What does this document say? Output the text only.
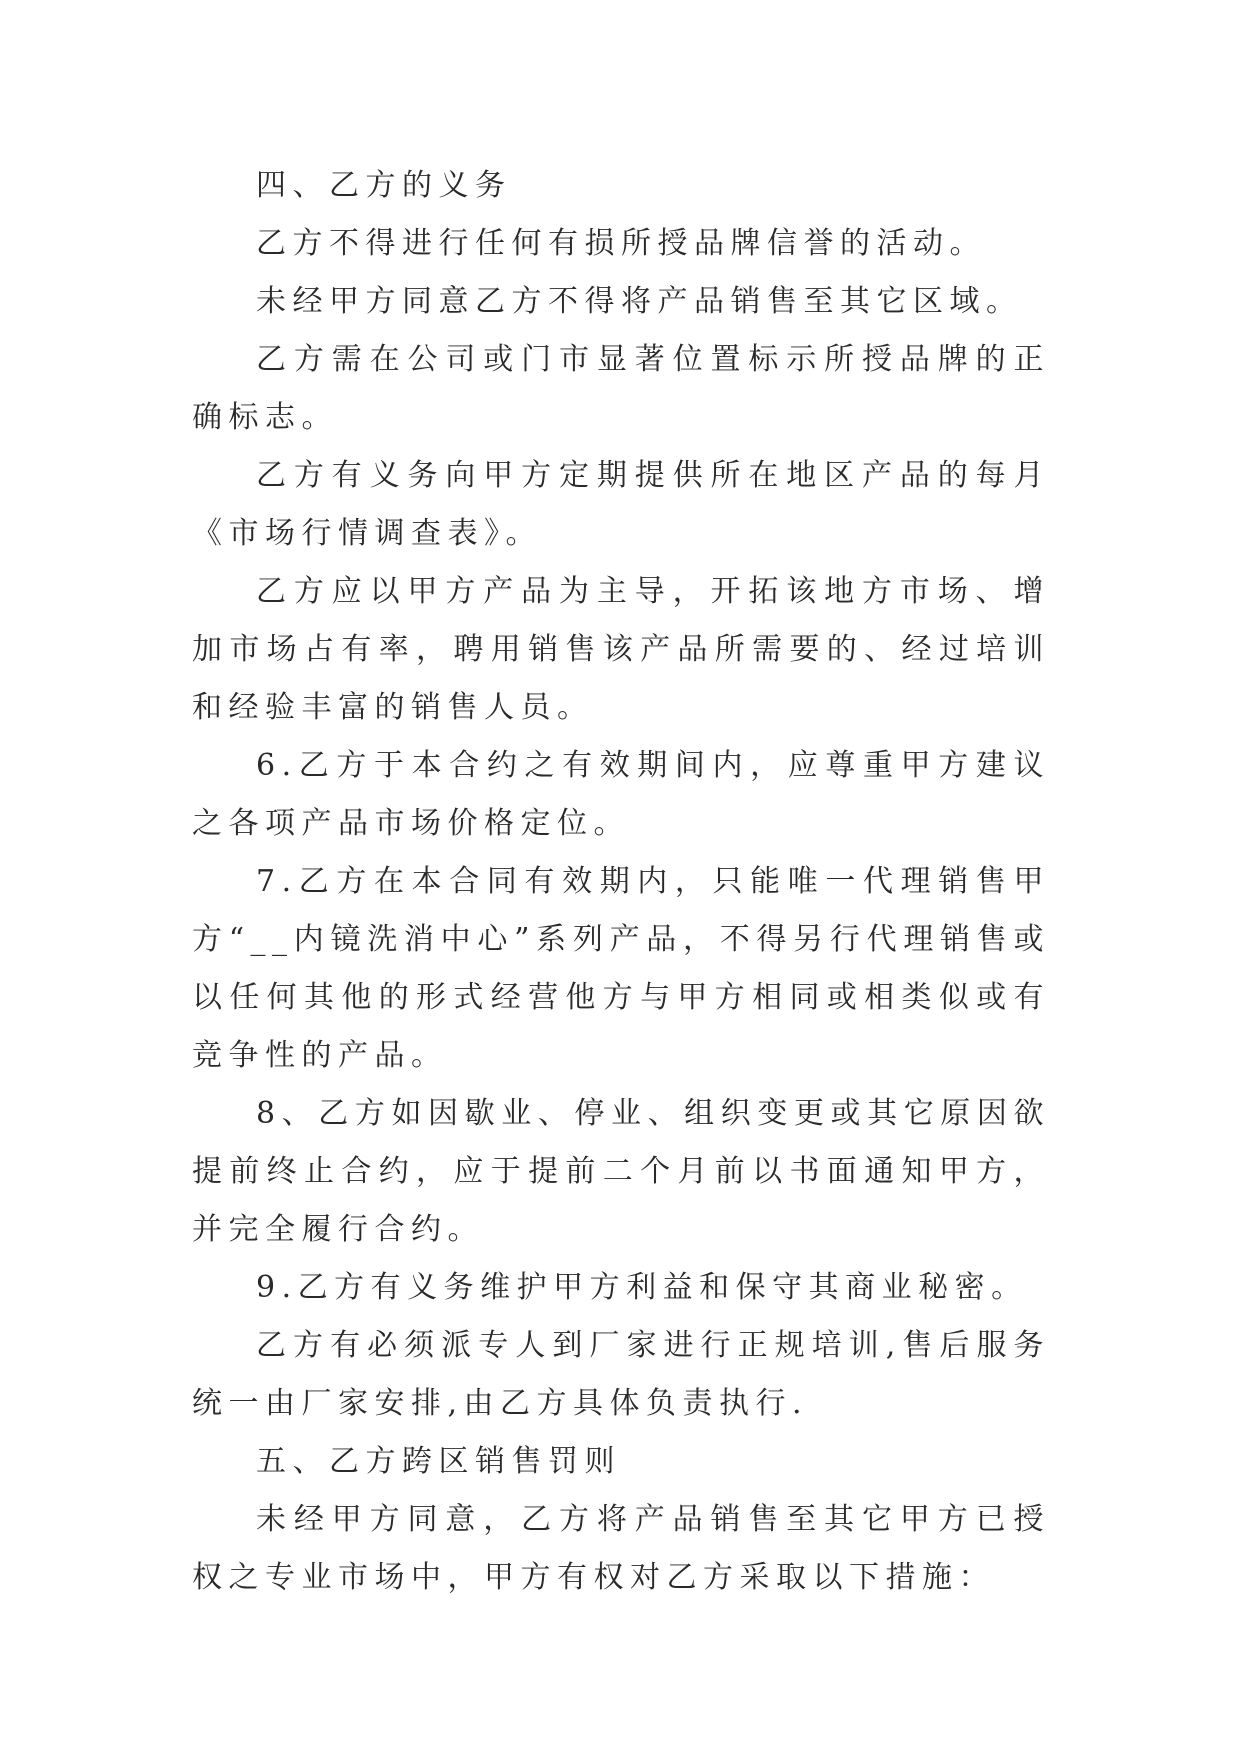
四、乙方的义务

乙方不得进行任何有损所授品牌信誉的活动。

未经甲方同意乙方不得将产品销售至其它区域。

乙方需在公司或门市显著位置标示所授品牌的正确标志。

乙方有义务向甲方定期提供所在地区产品的每月《市场行情调查表》。

乙方应以甲方产品为主导，开拓该地方市场、增加市场占有率，聘用销售该产品所需要的、经过培训和经验丰富的销售人员。

6.乙方于本合约之有效期间内，应尊重甲方建议之各项产品市场价格定位。

7.乙方在本合同有效期内，只能唯一代理销售甲方“__内镜洗消中心”系列产品，不得另行代理销售或以任何其他的形式经营他方与甲方相同或相类似或有竞争性的产品。

8、乙方如因歇业、停业、组织变更或其它原因欲提前终止合约，应于提前二个月前以书面通知甲方，并完全履行合约。

9.乙方有义务维护甲方利益和保守其商业秘密。

乙方有必须派专人到厂家进行正规培训,售后服务统一由厂家安排,由乙方具体负责执行.

五、乙方跨区销售罚则

未经甲方同意，乙方将产品销售至其它甲方已授权之专业市场中，甲方有权对乙方采取以下措施：
